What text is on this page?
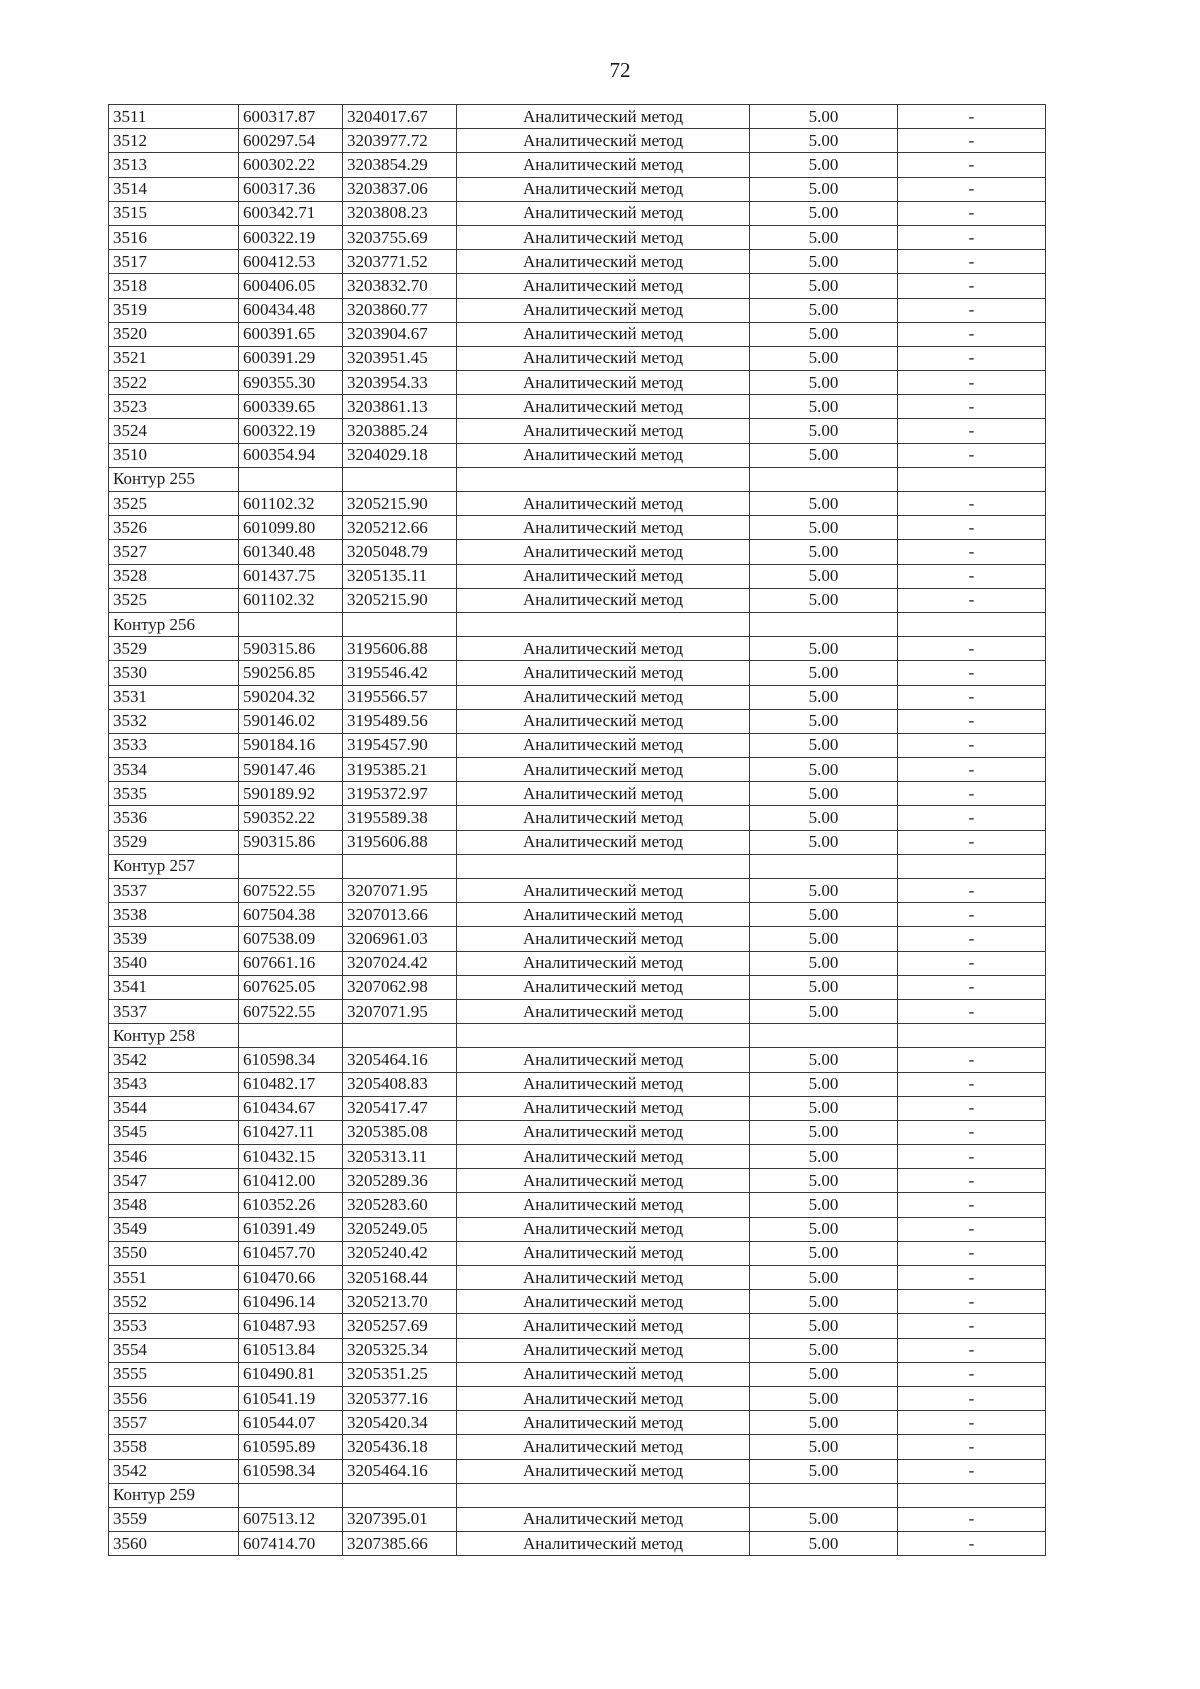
72
3511	600317.87	3204017.67	Аналитический метод	5.00	-
3512	600297.54	3203977.72	Аналитический метод	5.00	-
3513	600302.22	3203854.29	Аналитический метод	5.00	-
3514	600317.36	3203837.06	Аналитический метод	5.00	-
3515	600342.71	3203808.23	Аналитический метод	5.00	-
3516	600322.19	3203755.69	Аналитический метод	5.00	-
3517	600412.53	3203771.52	Аналитический метод	5.00	-
3518	600406.05	3203832.70	Аналитический метод	5.00	-
3519	600434.48	3203860.77	Аналитический метод	5.00	-
3520	600391.65	3203904.67	Аналитический метод	5.00	-
3521	600391.29	3203951.45	Аналитический метод	5.00	-
3522	690355.30	3203954.33	Аналитический метод	5.00	-
3523	600339.65	3203861.13	Аналитический метод	5.00	-
3524	600322.19	3203885.24	Аналитический метод	5.00	-
3510	600354.94	3204029.18	Аналитический метод	5.00	-
Контур 255					
3525	601102.32	3205215.90	Аналитический метод	5.00	-
3526	601099.80	3205212.66	Аналитический метод	5.00	-
3527	601340.48	3205048.79	Аналитический метод	5.00	-
3528	601437.75	3205135.11	Аналитический метод	5.00	-
3525	601102.32	3205215.90	Аналитический метод	5.00	-
Контур 256					
3529	590315.86	3195606.88	Аналитический метод	5.00	-
3530	590256.85	3195546.42	Аналитический метод	5.00	-
3531	590204.32	3195566.57	Аналитический метод	5.00	-
3532	590146.02	3195489.56	Аналитический метод	5.00	-
3533	590184.16	3195457.90	Аналитический метод	5.00	-
3534	590147.46	3195385.21	Аналитический метод	5.00	-
3535	590189.92	3195372.97	Аналитический метод	5.00	-
3536	590352.22	3195589.38	Аналитический метод	5.00	-
3529	590315.86	3195606.88	Аналитический метод	5.00	-
Контур 257					
3537	607522.55	3207071.95	Аналитический метод	5.00	-
3538	607504.38	3207013.66	Аналитический метод	5.00	-
3539	607538.09	3206961.03	Аналитический метод	5.00	-
3540	607661.16	3207024.42	Аналитический метод	5.00	-
3541	607625.05	3207062.98	Аналитический метод	5.00	-
3537	607522.55	3207071.95	Аналитический метод	5.00	-
Контур 258					
3542	610598.34	3205464.16	Аналитический метод	5.00	-
3543	610482.17	3205408.83	Аналитический метод	5.00	-
3544	610434.67	3205417.47	Аналитический метод	5.00	-
3545	610427.11	3205385.08	Аналитический метод	5.00	-
3546	610432.15	3205313.11	Аналитический метод	5.00	-
3547	610412.00	3205289.36	Аналитический метод	5.00	-
3548	610352.26	3205283.60	Аналитический метод	5.00	-
3549	610391.49	3205249.05	Аналитический метод	5.00	-
3550	610457.70	3205240.42	Аналитический метод	5.00	-
3551	610470.66	3205168.44	Аналитический метод	5.00	-
3552	610496.14	3205213.70	Аналитический метод	5.00	-
3553	610487.93	3205257.69	Аналитический метод	5.00	-
3554	610513.84	3205325.34	Аналитический метод	5.00	-
3555	610490.81	3205351.25	Аналитический метод	5.00	-
3556	610541.19	3205377.16	Аналитический метод	5.00	-
3557	610544.07	3205420.34	Аналитический метод	5.00	-
3558	610595.89	3205436.18	Аналитический метод	5.00	-
3542	610598.34	3205464.16	Аналитический метод	5.00	-
Контур 259					
3559	607513.12	3207395.01	Аналитический метод	5.00	-
3560	607414.70	3207385.66	Аналитический метод	5.00	-
